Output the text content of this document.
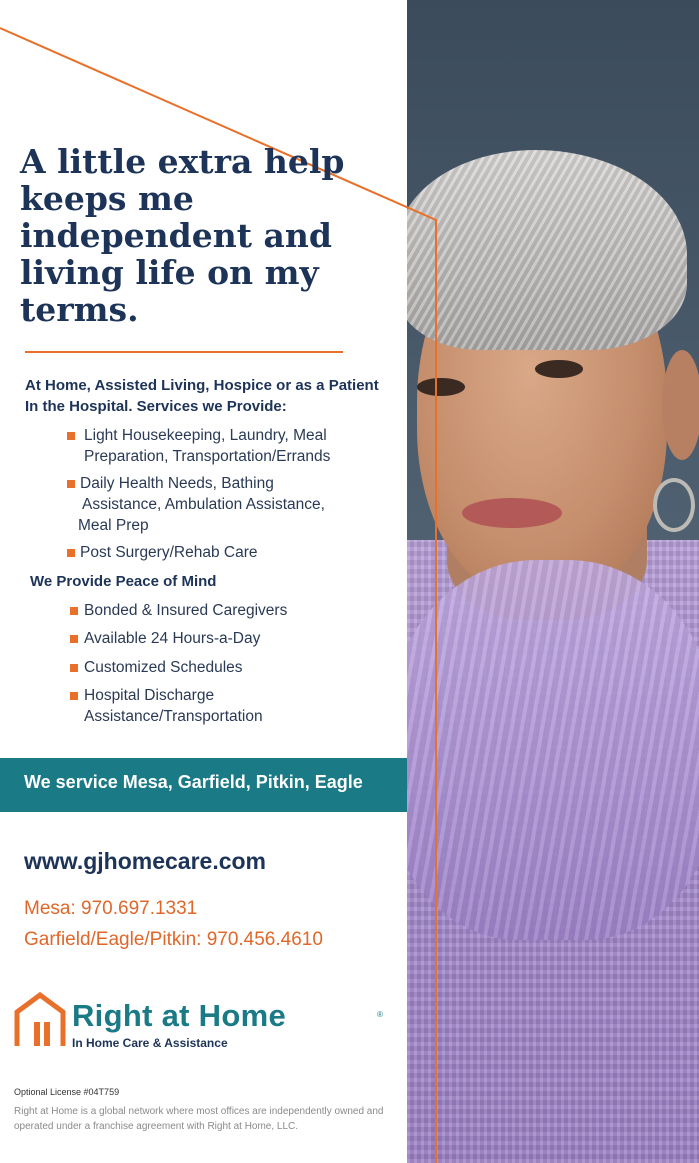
A little extra help keeps me independent and living life on my terms.

At Home, Assisted Living, Hospice or as a Patient In the Hospital. Services we Provide:

Light Housekeeping, Laundry, Meal
Preparation, Transportation/Errands
Daily Health Needs, Bathing
Assistance, Ambulation Assistance,
Meal Prep
Post Surgery/Rehab Care

We Provide Peace of Mind

Bonded & Insured Caregivers
Available 24 Hours-a-Day
Customized Schedules
Hospital Discharge
Assistance/Transportation
We service Mesa, Garfield, Pitkin, Eagle
www.gjhomecare.com
Mesa: 970.697.1331
Garfield/Eagle/Pitkin: 970.456.4610
Right at Home	®
In Home Care & Assistance
Optional License #04T759
Right at Home is a global network where most offices are independently owned and operated under a franchise agreement with Right at Home, LLC.
